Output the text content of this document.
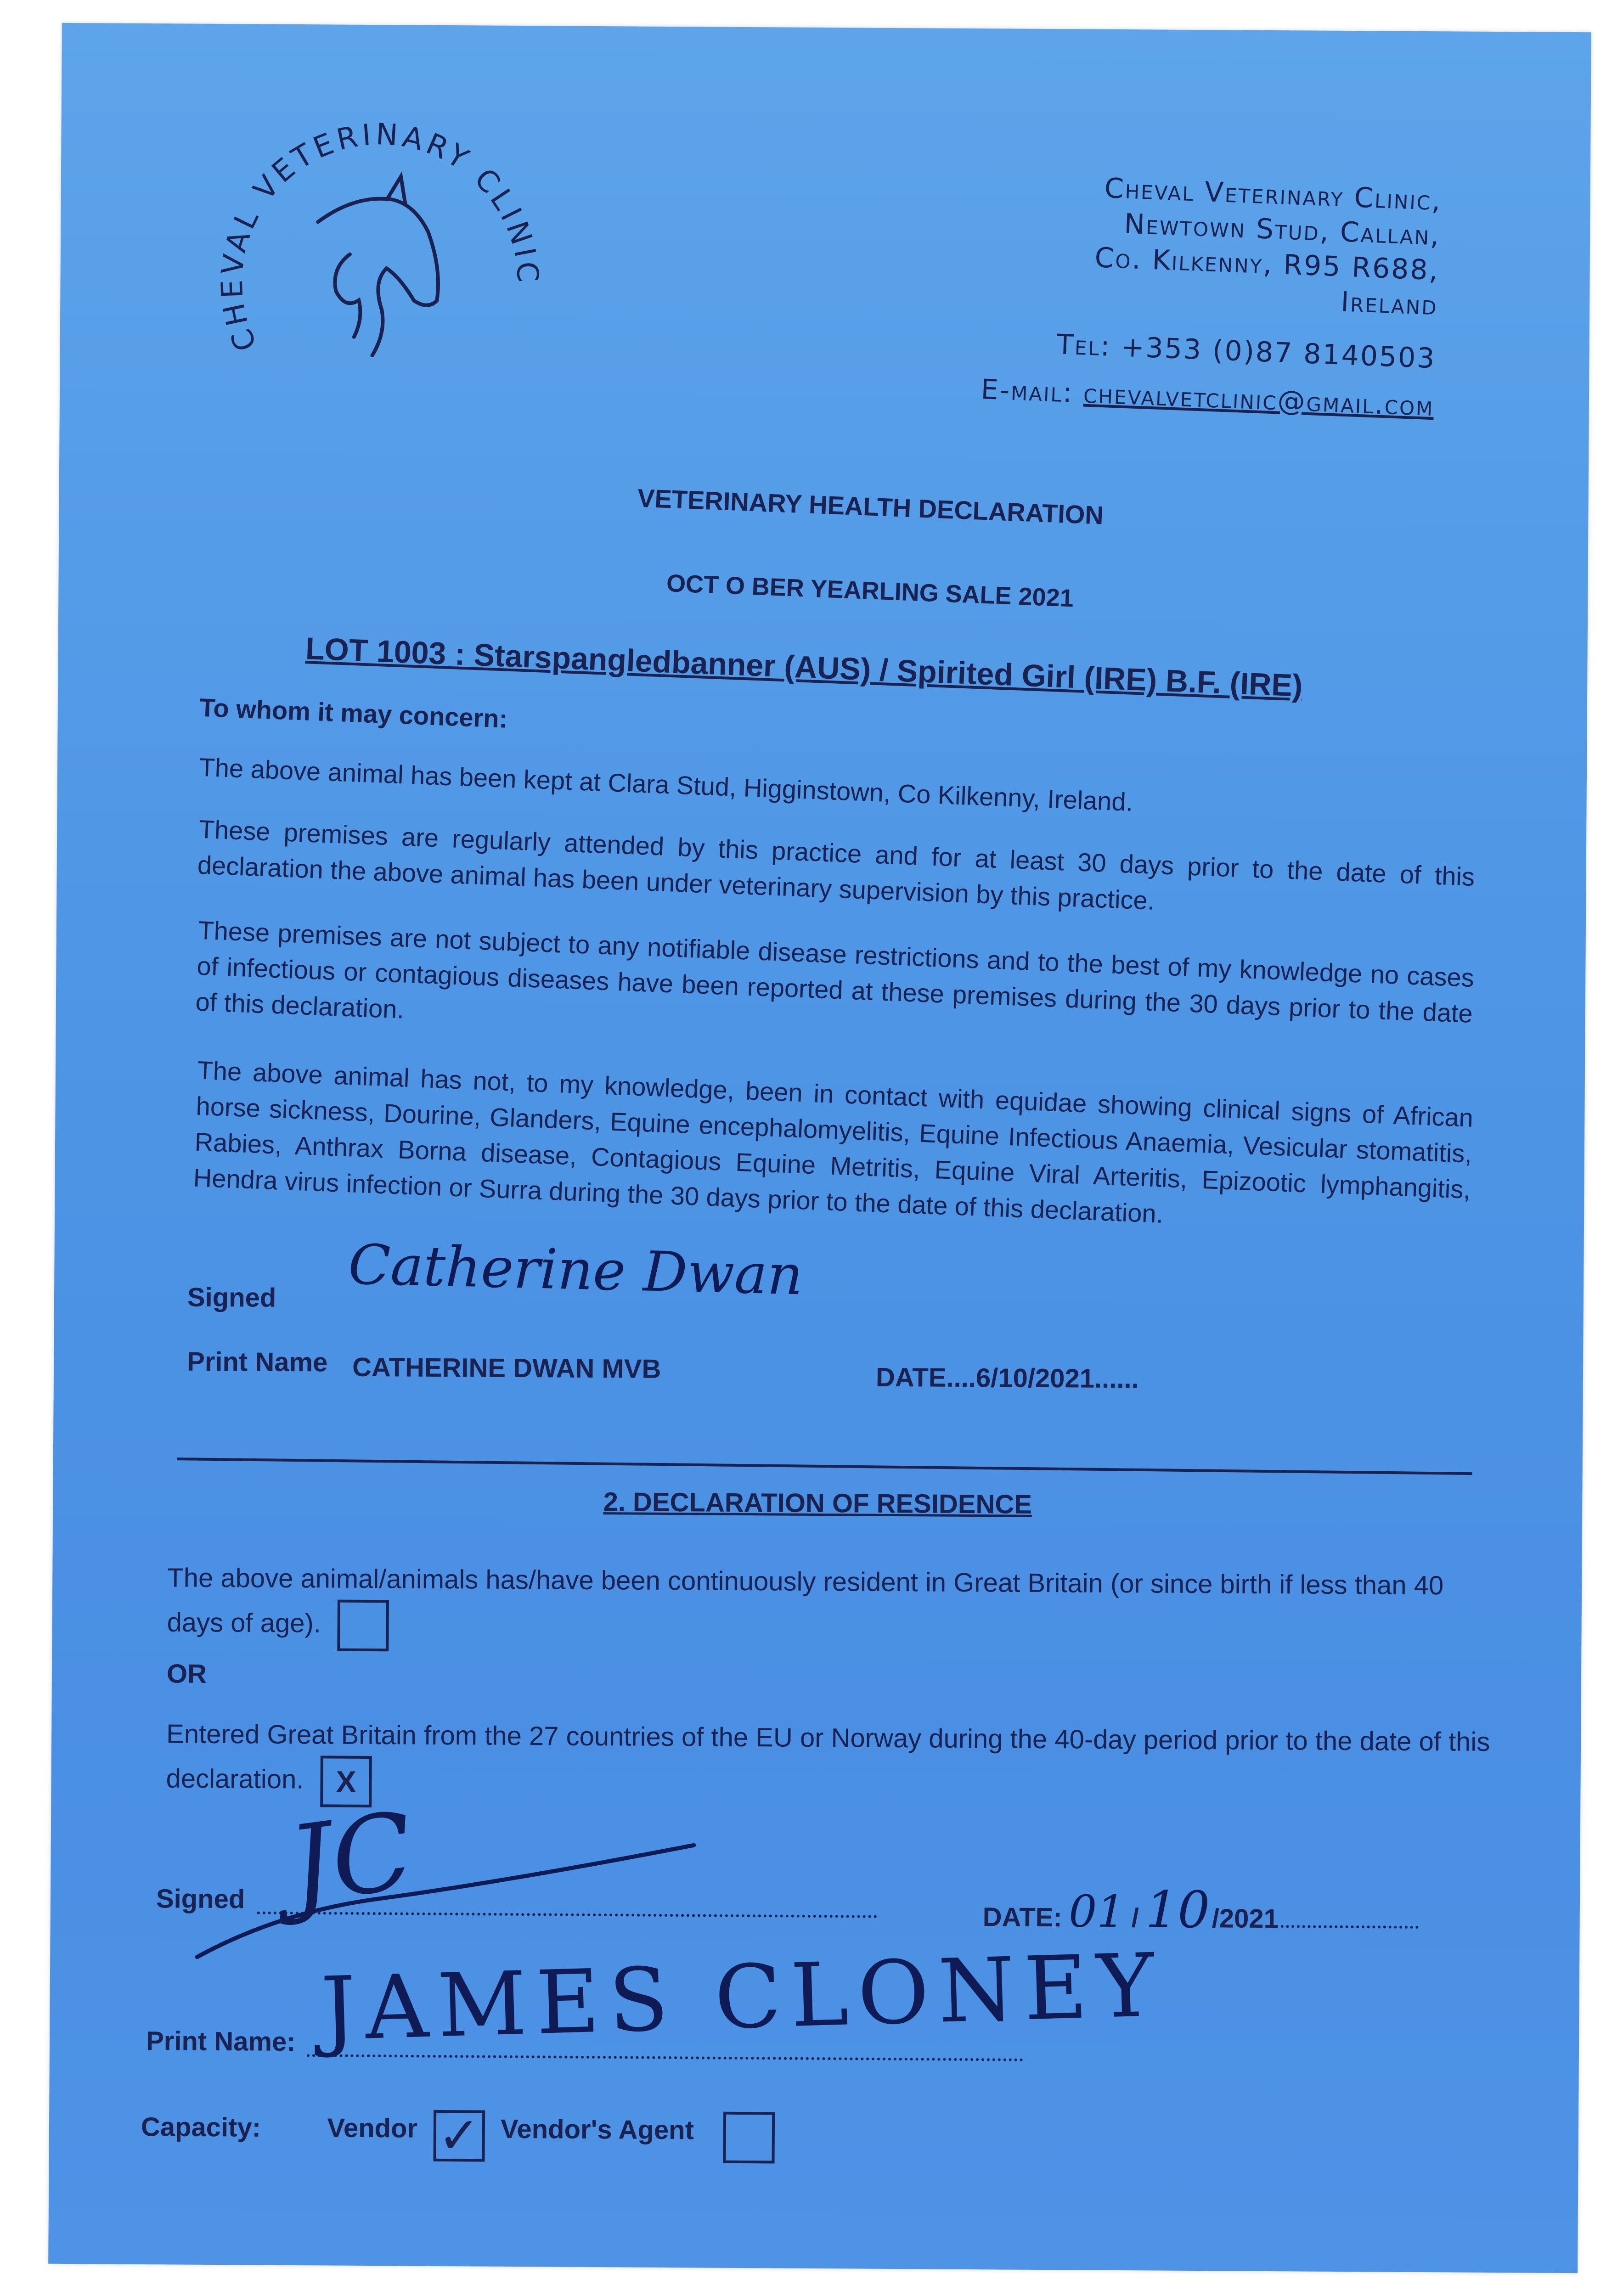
CHEVAL VETERINARY CLINIC
Cheval Veterinary Clinic,
Newtown Stud, Callan,
Co. Kilkenny, R95 R688,
Ireland
Tel: +353 (0)87 8140503
E-mail: chevalvetclinic@gmail.com
VETERINARY HEALTH DECLARATION
OCT O BER YEARLING SALE 2021
LOT 1003 : Starspangledbanner (AUS) / Spirited Girl (IRE) B.F. (IRE)
To whom it may concern:
The above animal has been kept at Clara Stud, Higginstown, Co Kilkenny, Ireland.
These premises are regularly attended by this practice and for at least 30 days prior to the date of this declaration the above animal has been under veterinary supervision by this practice.
These premises are not subject to any notifiable disease restrictions and to the best of my knowledge no cases of infectious or contagious diseases have been reported at these premises during the 30 days prior to the date of this declaration.
The above animal has not, to my knowledge, been in contact with equidae showing clinical signs of African horse sickness, Dourine, Glanders, Equine encephalomyelitis, Equine Infectious Anaemia, Vesicular stomatitis, Rabies, Anthrax Borna disease, Contagious Equine Metritis, Equine Viral Arteritis, Epizootic lymphangitis, Hendra virus infection or Surra during the 30 days prior to the date of this declaration.
Signed Catherine Dwan
Print Name CATHERINE DWAN MVB	DATE....6/10/2021......
2. DECLARATION OF RESIDENCE
The above animal/animals has/have been continuously resident in Great Britain (or since birth if less than 40 days of age).
OR
Entered Great Britain from the 27 countries of the EU or Norway during the 40-day period prior to the date of this declaration.	X
Signed JC	DATE: 01 / 10 /2021
Print Name: JAMES CLONEY
Capacity: Vendor ✓ Vendor's Agent
